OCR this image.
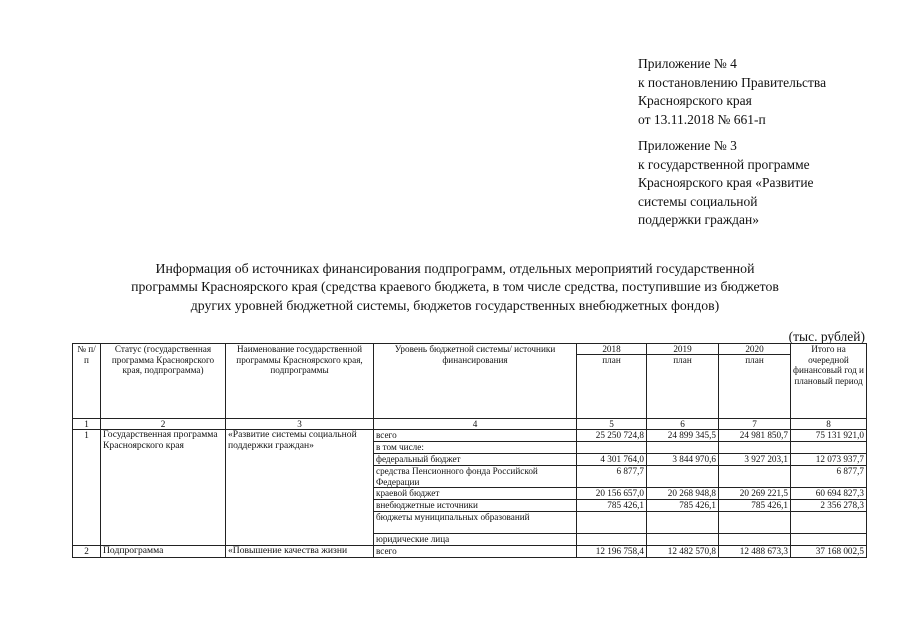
Приложение № 4
к постановлению Правительства
Красноярского края
от 13.11.2018 № 661-п
Приложение № 3
к государственной программе
Красноярского края «Развитие
системы социальной
поддержки граждан»
Информация об источниках финансирования подпрограмм, отдельных мероприятий государственной
программы Красноярского края (средства краевого бюджета, в том числе средства, поступившие из бюджетов
других уровней бюджетной системы, бюджетов государственных внебюджетных фондов)
(тыс. рублей)
№ п/п	Статус (государственная программа Красноярского края, подпрограмма)	Наименование государственной программы Красноярского края, подпрограммы	Уровень бюджетной системы/ источники финансирования	2018	2019	2020	Итого на очередной финансовый год и плановый период
				план	план	план	
1	2	3	4	5	6	7	8
1	Государственная программа Красноярского края	«Развитие системы социальной поддержки граждан»	всего	25 250 724,8	24 899 345,5	24 981 850,7	75 131 921,0
			в том числе:				
			федеральный бюджет	4 301 764,0	3 844 970,6	3 927 203,1	12 073 937,7
			средства Пенсионного фонда Российской Федерации	6 877,7			6 877,7
			краевой бюджет	20 156 657,0	20 268 948,8	20 269 221,5	60 694 827,3
			внебюджетные источники	785 426,1	785 426,1	785 426,1	2 356 278,3
			бюджеты муниципальных образований				
			юридические лица				
2	Подпрограмма	«Повышение качества жизни	всего	12 196 758,4	12 482 570,8	12 488 673,3	37 168 002,5
